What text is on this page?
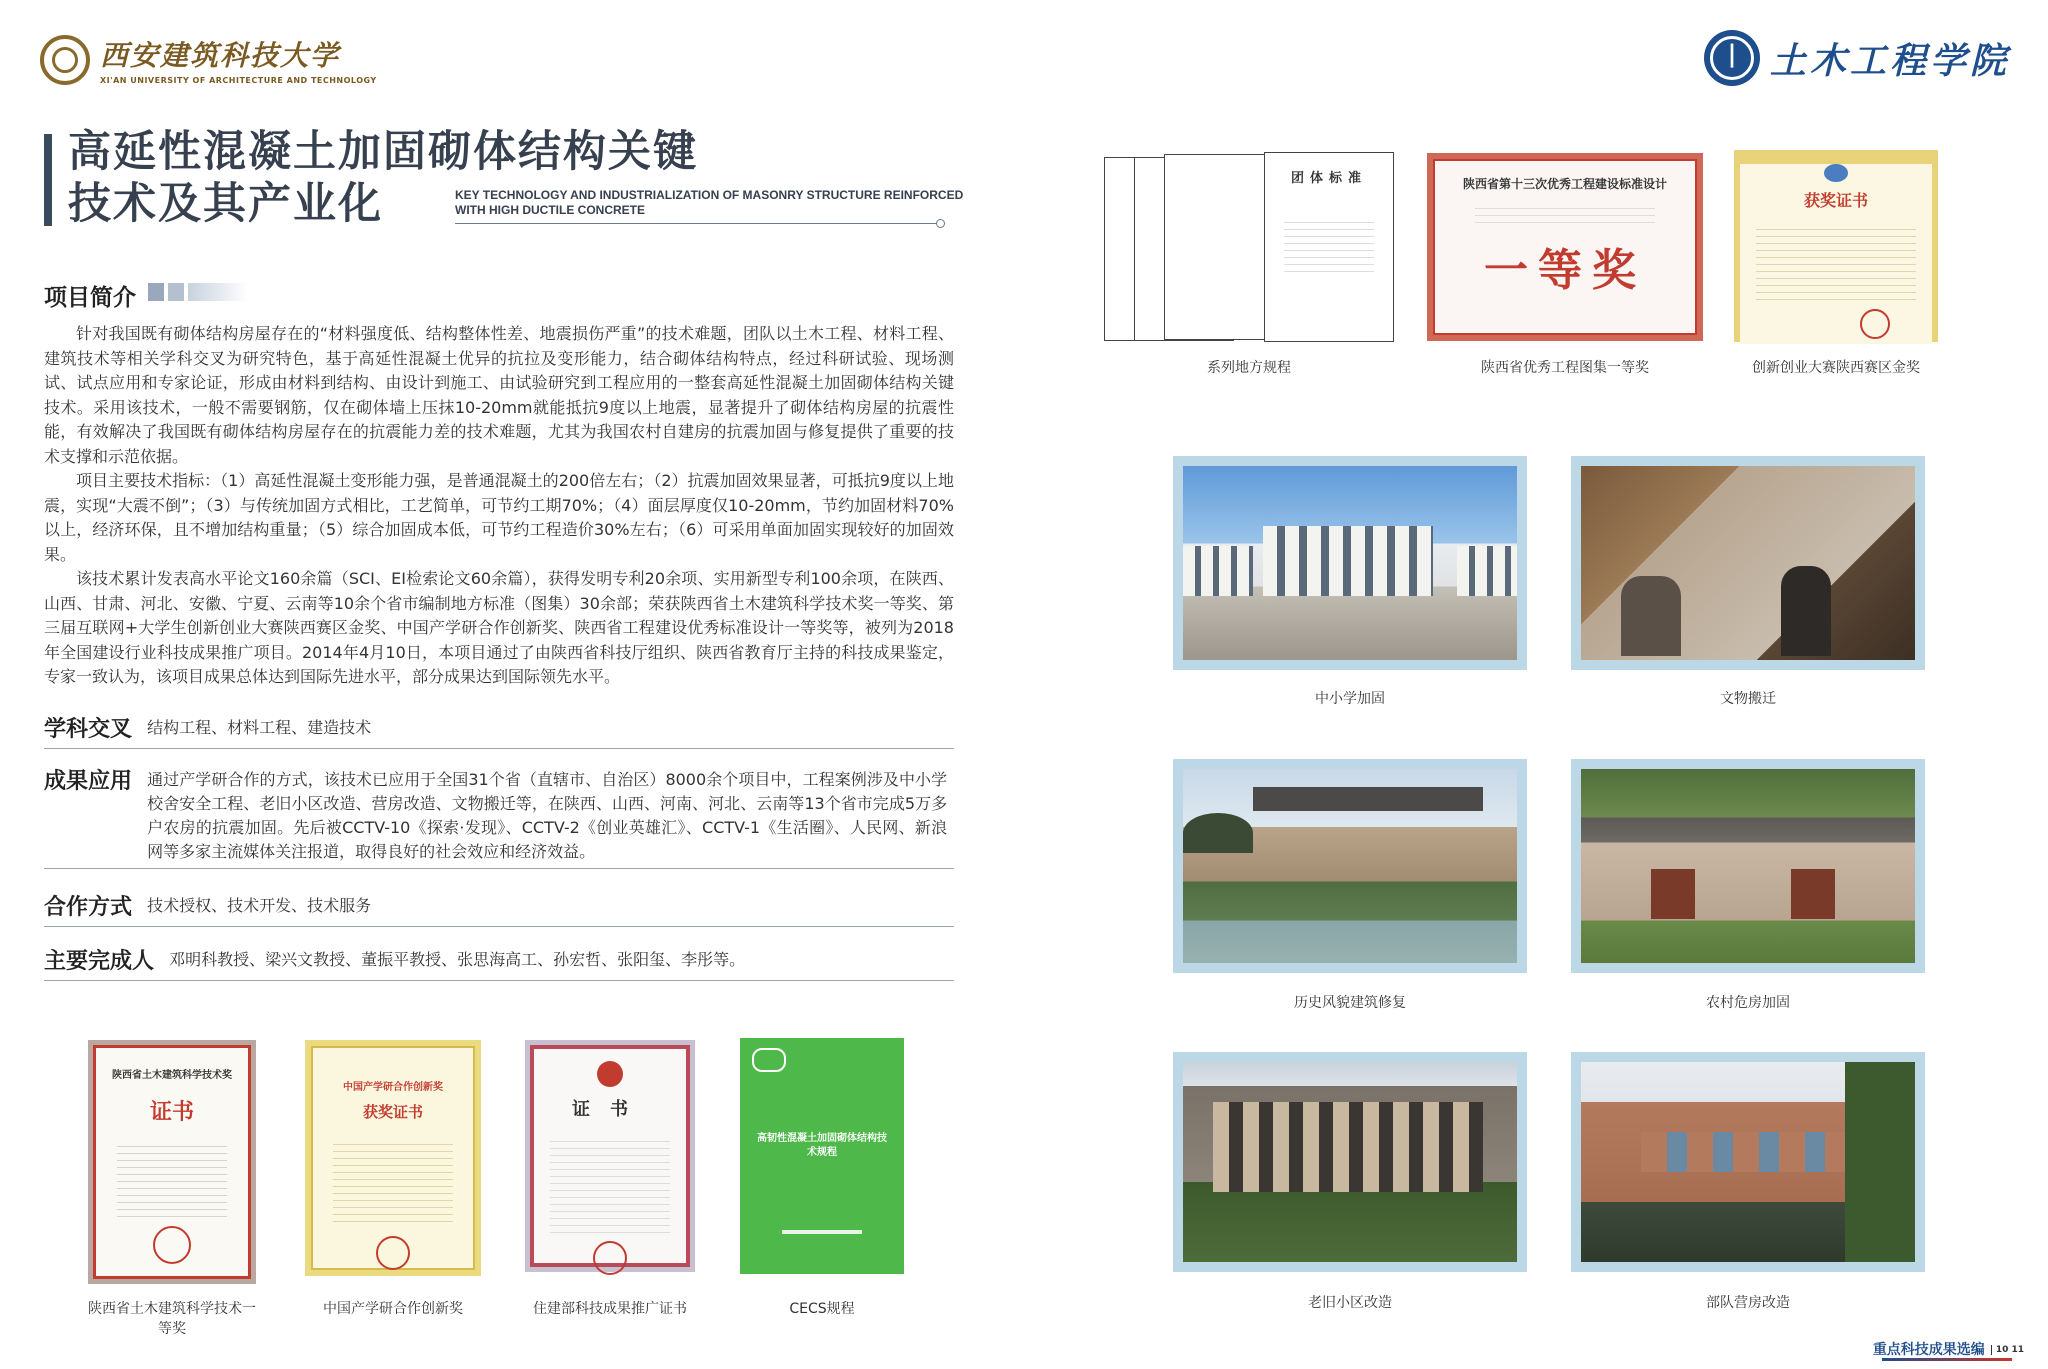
西安建筑科技大学
XI'AN UNIVERSITY OF ARCHITECTURE AND TECHNOLOGY
|	土木工程学院
高延性混凝土加固砌体结构关键
技术及其产业化	KEY TECHNOLOGY AND INDUSTRIALIZATION OF MASONRY STRUCTURE REINFORCED
WITH HIGH DUCTILE CONCRETE
项目简介

针对我国既有砌体结构房屋存在的“材料强度低、结构整体性差、地震损伤严重”的技术难题，团队以土木工程、材料工程、建筑技术等相关学科交叉为研究特色，基于高延性混凝土优异的抗拉及变形能力，结合砌体结构特点，经过科研试验、现场测试、试点应用和专家论证，形成由材料到结构、由设计到施工、由试验研究到工程应用的一整套高延性混凝土加固砌体结构关键技术。采用该技术，一般不需要钢筋，仅在砌体墙上压抹10-20mm就能抵抗9度以上地震，显著提升了砌体结构房屋的抗震性能，有效解决了我国既有砌体结构房屋存在的抗震能力差的技术难题，尤其为我国农村自建房的抗震加固与修复提供了重要的技术支撑和示范依据。

项目主要技术指标：（1）高延性混凝土变形能力强，是普通混凝土的200倍左右；（2）抗震加固效果显著，可抵抗9度以上地震，实现“大震不倒”；（3）与传统加固方式相比，工艺简单，可节约工期70%；（4）面层厚度仅10-20mm，节约加固材料70%以上，经济环保，且不增加结构重量；（5）综合加固成本低，可节约工程造价30%左右；（6）可采用单面加固实现较好的加固效果。

该技术累计发表高水平论文160余篇（SCI、EI检索论文60余篇），获得发明专利20余项、实用新型专利100余项，在陕西、山西、甘肃、河北、安徽、宁夏、云南等10余个省市编制地方标准（图集）30余部；荣获陕西省土木建筑科学技术奖一等奖、第三届互联网+大学生创新创业大赛陕西赛区金奖、中国产学研合作创新奖、陕西省工程建设优秀标准设计一等奖等，被列为2018年全国建设行业科技成果推广项目。2014年4月10日，本项目通过了由陕西省科技厅组织、陕西省教育厅主持的科技成果鉴定，专家一致认为，该项目成果总体达到国际先进水平，部分成果达到国际领先水平。

学科交叉 结构工程、材料工程、建造技术
成果应用 通过产学研合作的方式，该技术已应用于全国31个省（直辖市、自治区）8000余个项目中，工程案例涉及中小学校舍安全工程、老旧小区改造、营房改造、文物搬迁等，在陕西、山西、河南、河北、云南等13个省市完成5万多户农房的抗震加固。先后被CCTV-10《探索·发现》、CCTV-2《创业英雄汇》、CCTV-1《生活圈》、人民网、新浪网等多家主流媒体关注报道，取得良好的社会效应和经济效益。
合作方式 技术授权、技术开发、技术服务
主要完成人 邓明科教授、梁兴文教授、董振平教授、张思海高工、孙宏哲、张阳玺、李彤等。
陕西省土木建筑科学技术奖
证书
陕西省土木建筑科学技术一等奖
中国产学研合作创新奖
获奖证书
中国产学研合作创新奖
证书
住建部科技成果推广证书
高韧性混凝土加固砌体结构技术规程
CECS规程
团体标准
系列地方规程
陕西省第十三次优秀工程建设标准设计
一等奖
陕西省优秀工程图集一等奖
获奖证书
创新创业大赛陕西赛区金奖
中小学加固	文物搬迁
历史风貌建筑修复	农村危房加固
老旧小区改造	部队营房改造
重点科技成果选编 10 11
